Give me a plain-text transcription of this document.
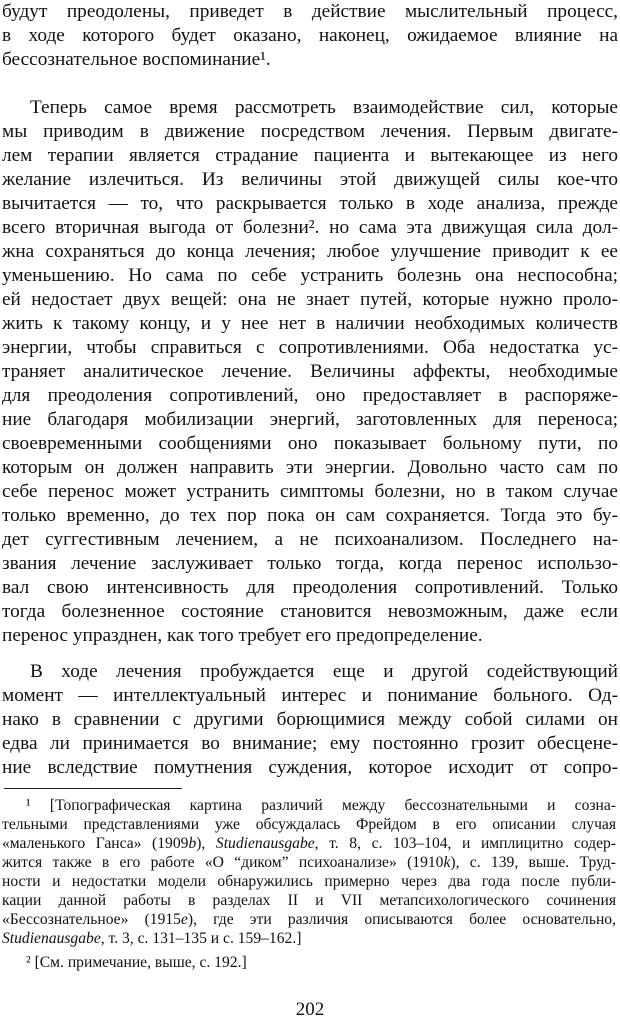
будут преодолены, приведет в действие мыслительный процесс,
в ходе которого будет оказано, наконец, ожидаемое влияние на
бессознательное воспоминание¹.
Теперь самое время рассмотреть взаимодействие сил, которые
мы приводим в движение посредством лечения. Первым двигате-
лем терапии является страдание пациента и вытекающее из него
желание излечиться. Из величины этой движущей силы кое-что
вычитается — то, что раскрывается только в ходе анализа, прежде
всего вторичная выгода от болезни². но сама эта движущая сила дол-
жна сохраняться до конца лечения; любое улучшение приводит к ее
уменьшению. Но сама по себе устранить болезнь она неспособна;
ей недостает двух вещей: она не знает путей, которые нужно проло-
жить к такому концу, и у нее нет в наличии необходимых количеств
энергии, чтобы справиться с сопротивлениями. Оба недостатка ус-
траняет аналитическое лечение. Величины аффекты, необходимые
для преодоления сопротивлений, оно предоставляет в распоряже-
ние благодаря мобилизации энергий, заготовленных для переноса;
своевременными сообщениями оно показывает больному пути, по
которым он должен направить эти энергии. Довольно часто сам по
себе перенос может устранить симптомы болезни, но в таком случае
только временно, до тех пор пока он сам сохраняется. Тогда это бу-
дет суггестивным лечением, а не психоанализом. Последнего на-
звания лечение заслуживает только тогда, когда перенос использо-
вал свою интенсивность для преодоления сопротивлений. Только
тогда болезненное состояние становится невозможным, даже если
перенос упразднен, как того требует его предопределение.
В ходе лечения пробуждается еще и другой содействующий
момент — интеллектуальный интерес и понимание больного. Од-
нако в сравнении с другими борющимися между собой силами он
едва ли принимается во внимание; ему постоянно грозит обесцене-
ние вследствие помутнения суждения, которое исходит от сопро-
¹ [Топографическая картина различий между бессознательными и созна-
тельными представлениями уже обсуждалась Фрейдом в его описании случая
«маленького Ганса» (1909b), Studienausgabe, т. 8, с. 103–104, и имплицитно содер-
жится также в его работе «О “диком” психоанализе» (1910k), с. 139, выше. Труд-
ности и недостатки модели обнаружились примерно через два года после публи-
кации данной работы в разделах II и VII метапсихологического сочинения
«Бессознательное» (1915e), где эти различия описываются более основательно,
Studienausgabe, т. 3, с. 131–135 и с. 159–162.]
² [См. примечание, выше, с. 192.]
202
